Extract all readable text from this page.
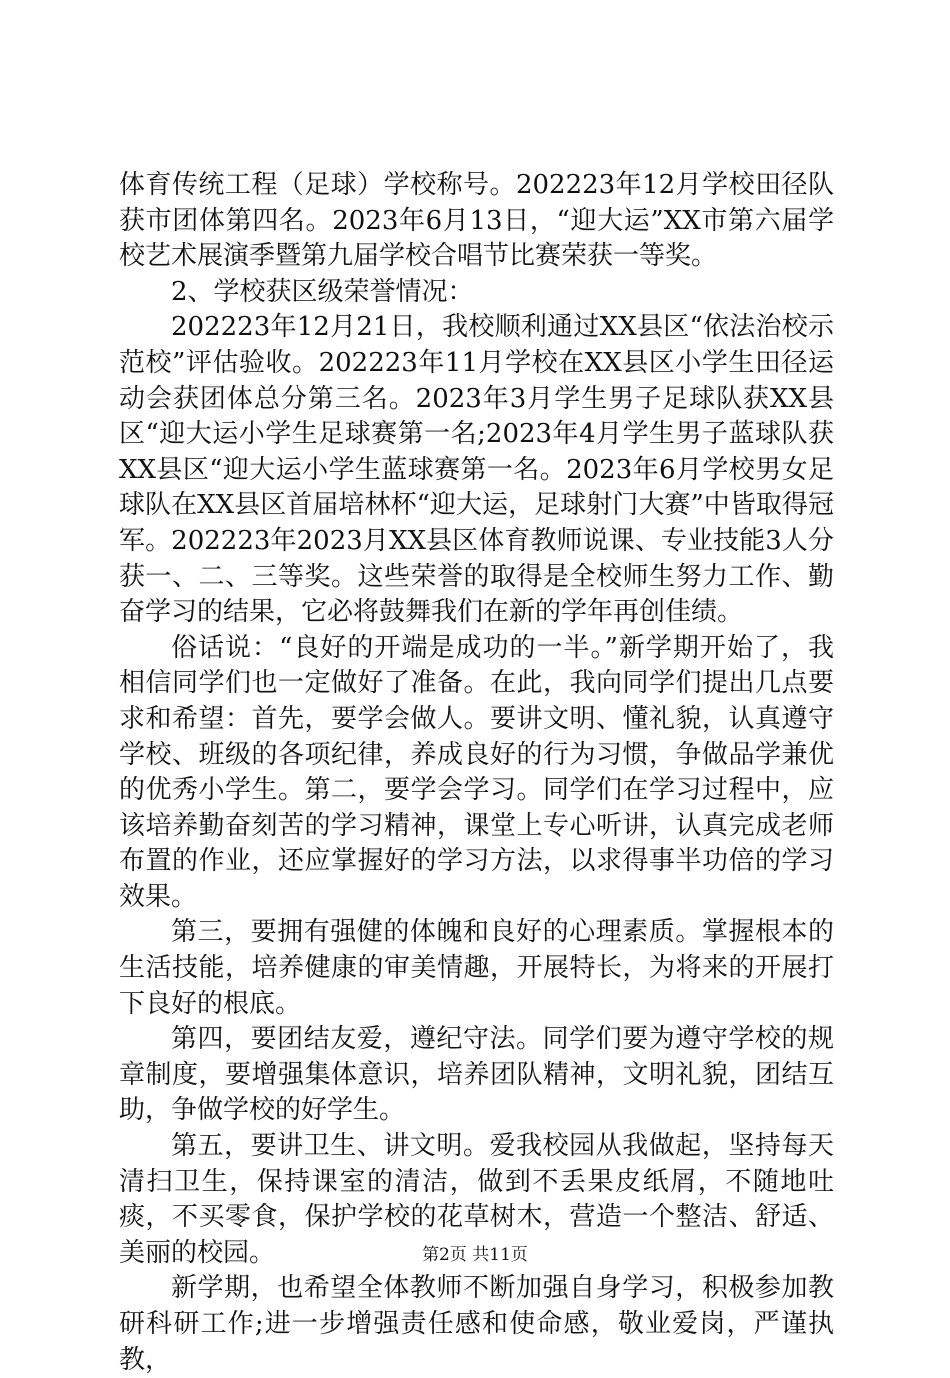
体育传统工程（足球）学校称号。202223年12月学校田径队获市团体第四名。2023年6月13日，“迎大运”XX市第六届学校艺术展演季暨第九届学校合唱节比赛荣获一等奖。

2、学校获区级荣誉情况：

202223年12月21日，我校顺利通过XX县区“依法治校示范校”评估验收。202223年11月学校在XX县区小学生田径运动会获团体总分第三名。2023年3月学生男子足球队获XX县区“迎大运小学生足球赛第一名;2023年4月学生男子蓝球队获XX县区“迎大运小学生蓝球赛第一名。2023年6月学校男女足球队在XX县区首届培林杯“迎大运，足球射门大赛”中皆取得冠军。202223年2023月XX县区体育教师说课、专业技能3人分获一、二、三等奖。这些荣誉的取得是全校师生努力工作、勤奋学习的结果，它必将鼓舞我们在新的学年再创佳绩。

俗话说：“良好的开端是成功的一半。”新学期开始了，我相信同学们也一定做好了准备。在此，我向同学们提出几点要求和希望：首先，要学会做人。要讲文明、懂礼貌，认真遵守学校、班级的各项纪律，养成良好的行为习惯，争做品学兼优的优秀小学生。第二，要学会学习。同学们在学习过程中，应该培养勤奋刻苦的学习精神，课堂上专心听讲，认真完成老师布置的作业，还应掌握好的学习方法，以求得事半功倍的学习效果。

第三，要拥有强健的体魄和良好的心理素质。掌握根本的生活技能，培养健康的审美情趣，开展特长，为将来的开展打下良好的根底。

第四，要团结友爱，遵纪守法。同学们要为遵守学校的规章制度，要增强集体意识，培养团队精神，文明礼貌，团结互助，争做学校的好学生。

第五，要讲卫生、讲文明。爱我校园从我做起，坚持每天清扫卫生，保持课室的清洁，做到不丢果皮纸屑，不随地吐痰，不买零食，保护学校的花草树木，营造一个整洁、舒适、美丽的校园。

新学期，也希望全体教师不断加强自身学习，积极参加教研科研工作;进一步增强责任感和使命感，敬业爱岗，严谨执教，

第2页 共11页
